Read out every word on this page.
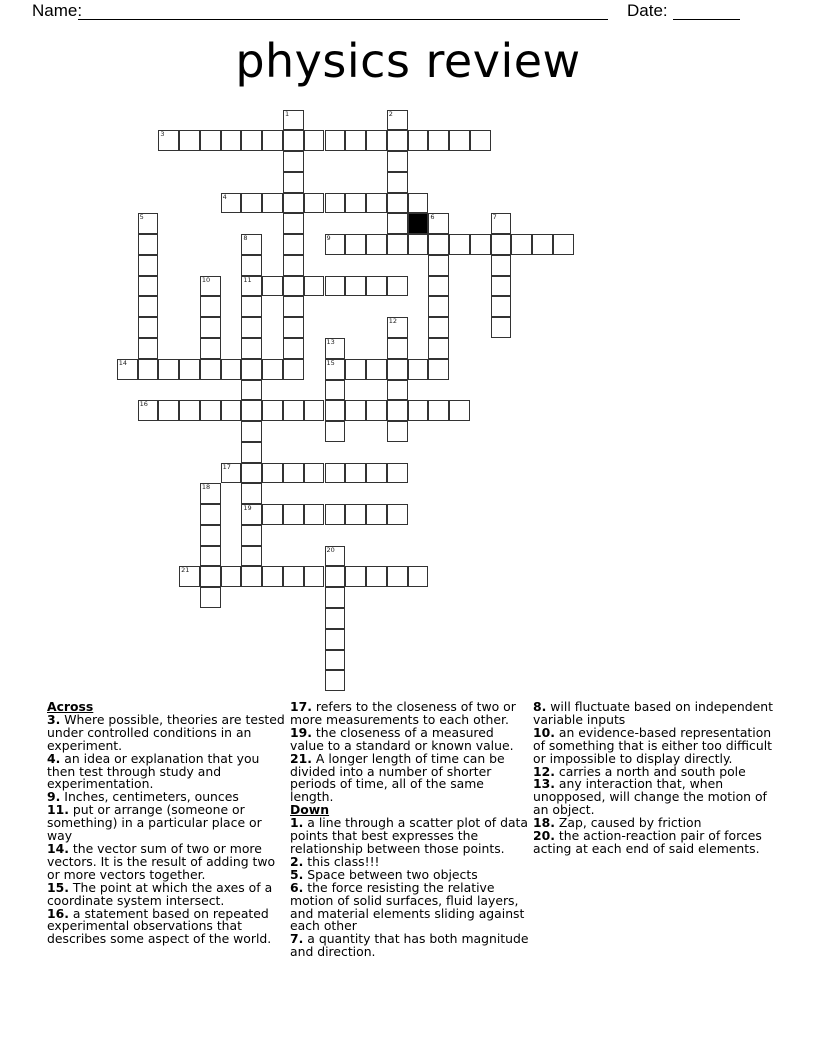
Name:	Date:
physics review
1	2
3
4
5	6	7
8
11
19
9
10
12
13
15
14
16
17
18
20
21
Across
3. Where possible, theories are tested under controlled conditions in an experiment.
4. an idea or explanation that you then test through study and experimentation.
9. Inches, centimeters, ounces
11. put or arrange (someone or something) in a particular place or way
14. the vector sum of two or more vectors. It is the result of adding two or more vectors together.
15. The point at which the axes of a coordinate system intersect.
16. a statement based on repeated experimental observations that describes some aspect of the world.
17. refers to the closeness of two or more measurements to each other.
19. the closeness of a measured value to a standard or known value.
21. A longer length of time can be divided into a number of shorter periods of time, all of the same length.
Down
1. a line through a scatter plot of data points that best expresses the relationship between those points.
2. this class!!!
5. Space between two objects
6. the force resisting the relative motion of solid surfaces, fluid layers, and material elements sliding against each other
7. a quantity that has both magnitude and direction.
8. will fluctuate based on independent variable inputs
10. an evidence-based representation of something that is either too difficult or impossible to display directly.
12. carries a north and south pole
13. any interaction that, when unopposed, will change the motion of an object.
18. Zap, caused by friction
20. the action-reaction pair of forces acting at each end of said elements.
